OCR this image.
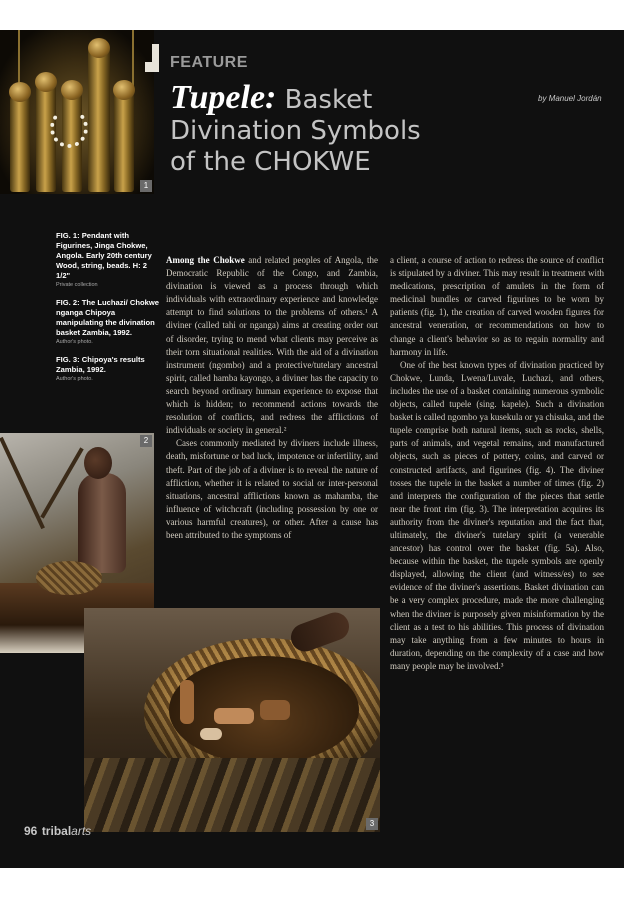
1
FEATURE
Tupele: Basket
Divination Symbols
of the CHOKWE
by Manuel Jordán
FIG. 1: Pendant with Figurines, Jinga Chokwe, Angola. Early 20th century Wood, string, beads. H: 2 1/2"
Private collection
FIG. 2: The Luchazi/ Chokwe nganga Chipoya manipulating the divination basket Zambia, 1992.
Author's photo.
FIG. 3: Chipoya's results Zambia, 1992.
Author's photo.
2
3

Among the Chokwe and related peoples of Angola, the Democratic Republic of the Congo, and Zambia, divination is viewed as a process through which individuals with extraordinary experience and knowledge attempt to find solutions to the problems of others.¹ A diviner (called tahi or nganga) aims at creating order out of disorder, trying to mend what clients may perceive as their torn situational realities. With the aid of a divination instrument (ngombo) and a protective/tutelary ancestral spirit, called hamba kayongo, a diviner has the capacity to search beyond ordinary human experience to expose that which is hidden; to recommend actions towards the resolution of conflicts, and redress the afflictions of individuals or society in general.²

Cases commonly mediated by diviners include illness, death, misfortune or bad luck, impotence or infertility, and theft. Part of the job of a diviner is to reveal the nature of affliction, whether it is related to social or inter-personal situations, ancestral afflictions known as mahamba, the influence of witchcraft (including possession by one or various harmful creatures), or other. After a cause has been attributed to the symptoms of

a client, a course of action to redress the source of conflict is stipulated by a diviner. This may result in treatment with medications, prescription of amulets in the form of medicinal bundles or carved figurines to be worn by patients (fig. 1), the creation of carved wooden figures for ancestral veneration, or recommendations on how to change a client's behavior so as to regain normality and harmony in life.

One of the best known types of divination practiced by Chokwe, Lunda, Lwena/Luvale, Luchazi, and others, includes the use of a basket containing numerous symbolic objects, called tupele (sing. kapele). Such a divination basket is called ngombo ya kusekula or ya chisuka, and the tupele comprise both natural items, such as rocks, shells, parts of animals, and vegetal remains, and manufactured objects, such as pieces of pottery, coins, and carved or constructed artifacts, and figurines (fig. 4). The diviner tosses the tupele in the basket a number of times (fig. 2) and interprets the configuration of the pieces that settle near the front rim (fig. 3). The interpretation acquires its authority from the diviner's reputation and the fact that, ultimately, the diviner's tutelary spirit (a venerable ancestor) has control over the basket (fig. 5a). Also, because within the basket, the tupele symbols are openly displayed, allowing the client (and witness/es) to see evidence of the diviner's assertions. Basket divination can be a very complex procedure, made the more challenging when the diviner is purposely given misinformation by the client as a test to his abilities. This process of divination may take anything from a few minutes to hours in duration, depending on the complexity of a case and how many people may be involved.³

96 tribalarts
